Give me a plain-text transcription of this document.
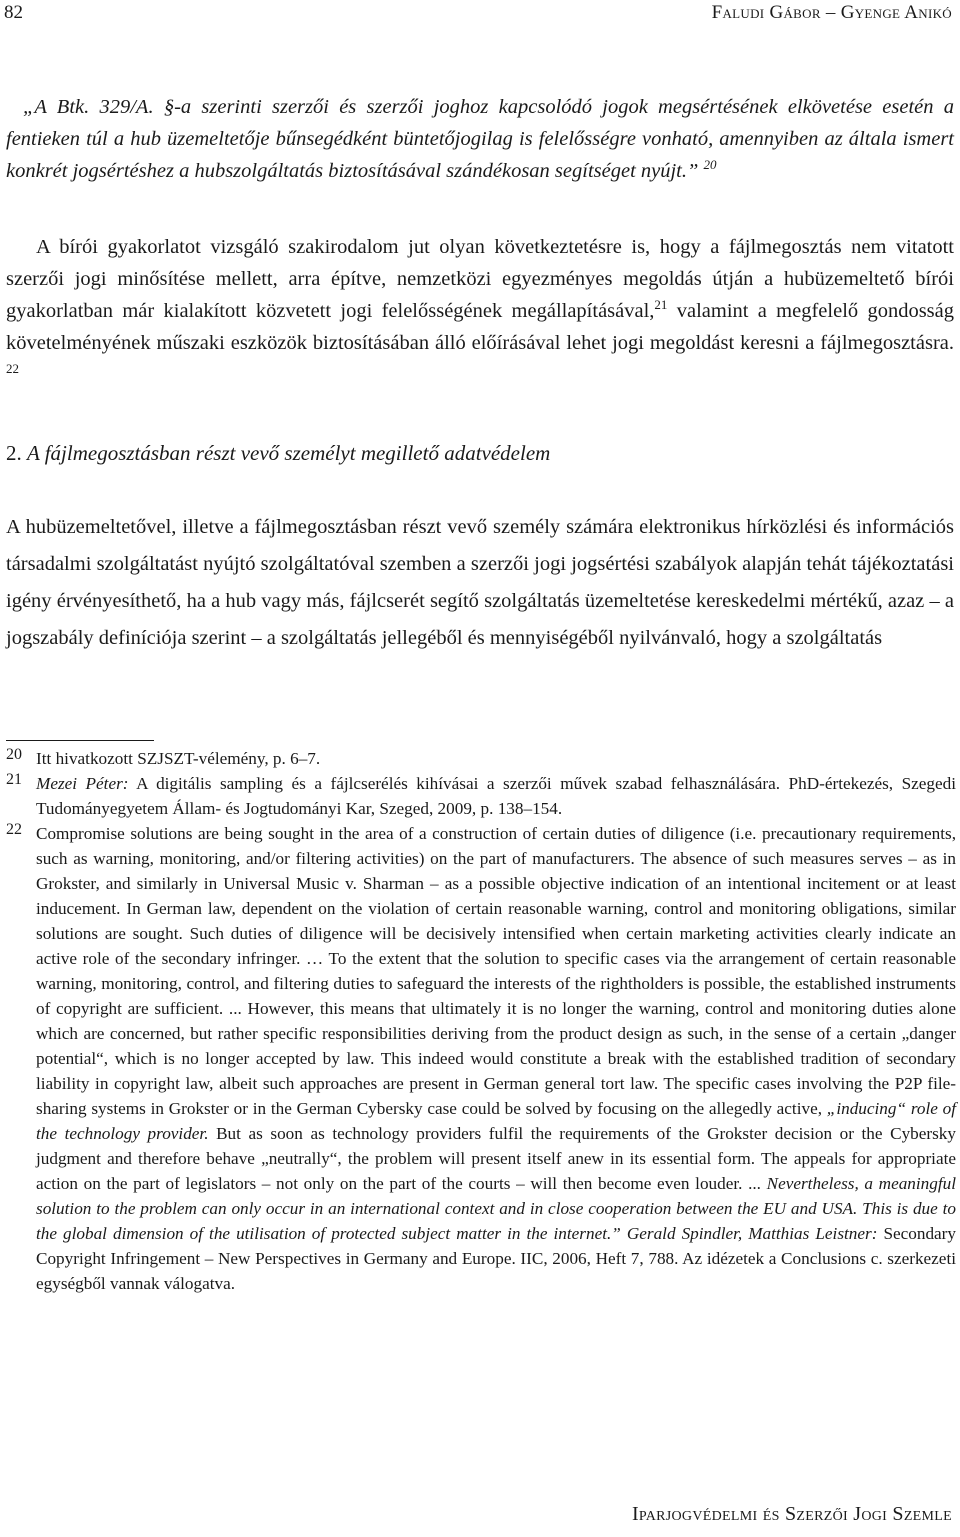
82	Faludi Gábor – Gyenge Anikó
„A Btk. 329/A. §-a szerinti szerzői és szerzői joghoz kapcsolódó jogok megsértésének elkövetése esetén a fentieken túl a hub üzemeltetője bűnsegédként büntetőjogilag is felelősségre vonható, amennyiben az általa ismert konkrét jogsértéshez a hubszolgáltatás biztosításával szándékosan segítséget nyújt.” $^{20}$
A bírói gyakorlatot vizsgáló szakirodalom jut olyan következtetésre is, hogy a fájlmegosztás nem vitatott szerzői jogi minősítése mellett, arra építve, nemzetközi egyezményes megoldás útján a hubüzemeltető bírói gyakorlatban már kialakított közvetett jogi felelősségének megállapításával,$^{21}$ valamint a megfelelő gondosság követelményének műszaki eszközök biztosításában álló előírásával lehet jogi megoldást keresni a fájlmegosztásra. $^{22}$
2. A fájlmegosztásban részt vevő személyt megillető adatvédelem
A hubüzemeltetővel, illetve a fájlmegosztásban részt vevő személy számára elektronikus hírközlési és információs társadalmi szolgáltatást nyújtó szolgáltatóval szemben a szerzői jogi jogsértési szabályok alapján tehát tájékoztatási igény érvényesíthető, ha a hub vagy más, fájlcserét segítő szolgáltatás üzemeltetése kereskedelmi mértékű, azaz – a jogszabály definíciója szerint – a szolgáltatás jellegéből és mennyiségéből nyilvánvaló, hogy a szolgáltatás
20 Itt hivatkozott SZJSZT-vélemény, p. 6–7.
21 Mezei Péter: A digitális sampling és a fájlcserélés kihívásai a szerzői művek szabad felhasználására. PhD-értekezés, Szegedi Tudományegyetem Állam- és Jogtudományi Kar, Szeged, 2009, p. 138–154.
22 Compromise solutions are being sought in the area of a construction of certain duties of diligence (i.e. precautionary requirements, such as warning, monitoring, and/or filtering activities) on the part of manufacturers. The absence of such measures serves – as in Grokster, and similarly in Universal Music v. Sharman – as a possible objective indication of an intentional incitement or at least inducement. In German law, dependent on the violation of certain reasonable warning, control and monitoring obligations, similar solutions are sought. Such duties of diligence will be decisively intensified when certain marketing activities clearly indicate an active role of the secondary infringer. … To the extent that the solution to specific cases via the arrangement of certain reasonable warning, monitoring, control, and filtering duties to safeguard the interests of the rightholders is possible, the established instruments of copyright are sufficient. ... However, this means that ultimately it is no longer the warning, control and monitoring duties alone which are concerned, but rather specific responsibilities deriving from the product design as such, in the sense of a certain „danger potential“, which is no longer accepted by law. This indeed would constitute a break with the established tradition of secondary liability in copyright law, albeit such approaches are present in German general tort law. The specific cases involving the P2P file-sharing systems in Grokster or in the German Cybersky case could be solved by focusing on the allegedly active, „inducing“ role of the technology provider. But as soon as technology providers fulfil the requirements of the Grokster decision or the Cybersky judgment and therefore behave „neutrally“, the problem will present itself anew in its essential form. The appeals for appropriate action on the part of legislators – not only on the part of the courts – will then become even louder. ... Nevertheless, a meaningful solution to the problem can only occur in an international context and in close cooperation between the EU and USA. This is due to the global dimension of the utilisation of protected subject matter in the internet.” Gerald Spindler, Matthias Leistner: Secondary Copyright Infringement – New Perspectives in Germany and Europe. IIC, 2006, Heft 7, 788. Az idézetek a Conclusions c. szerkezeti egységből vannak válogatva.
Iparjogvédelmi és Szerzői Jogi Szemle
